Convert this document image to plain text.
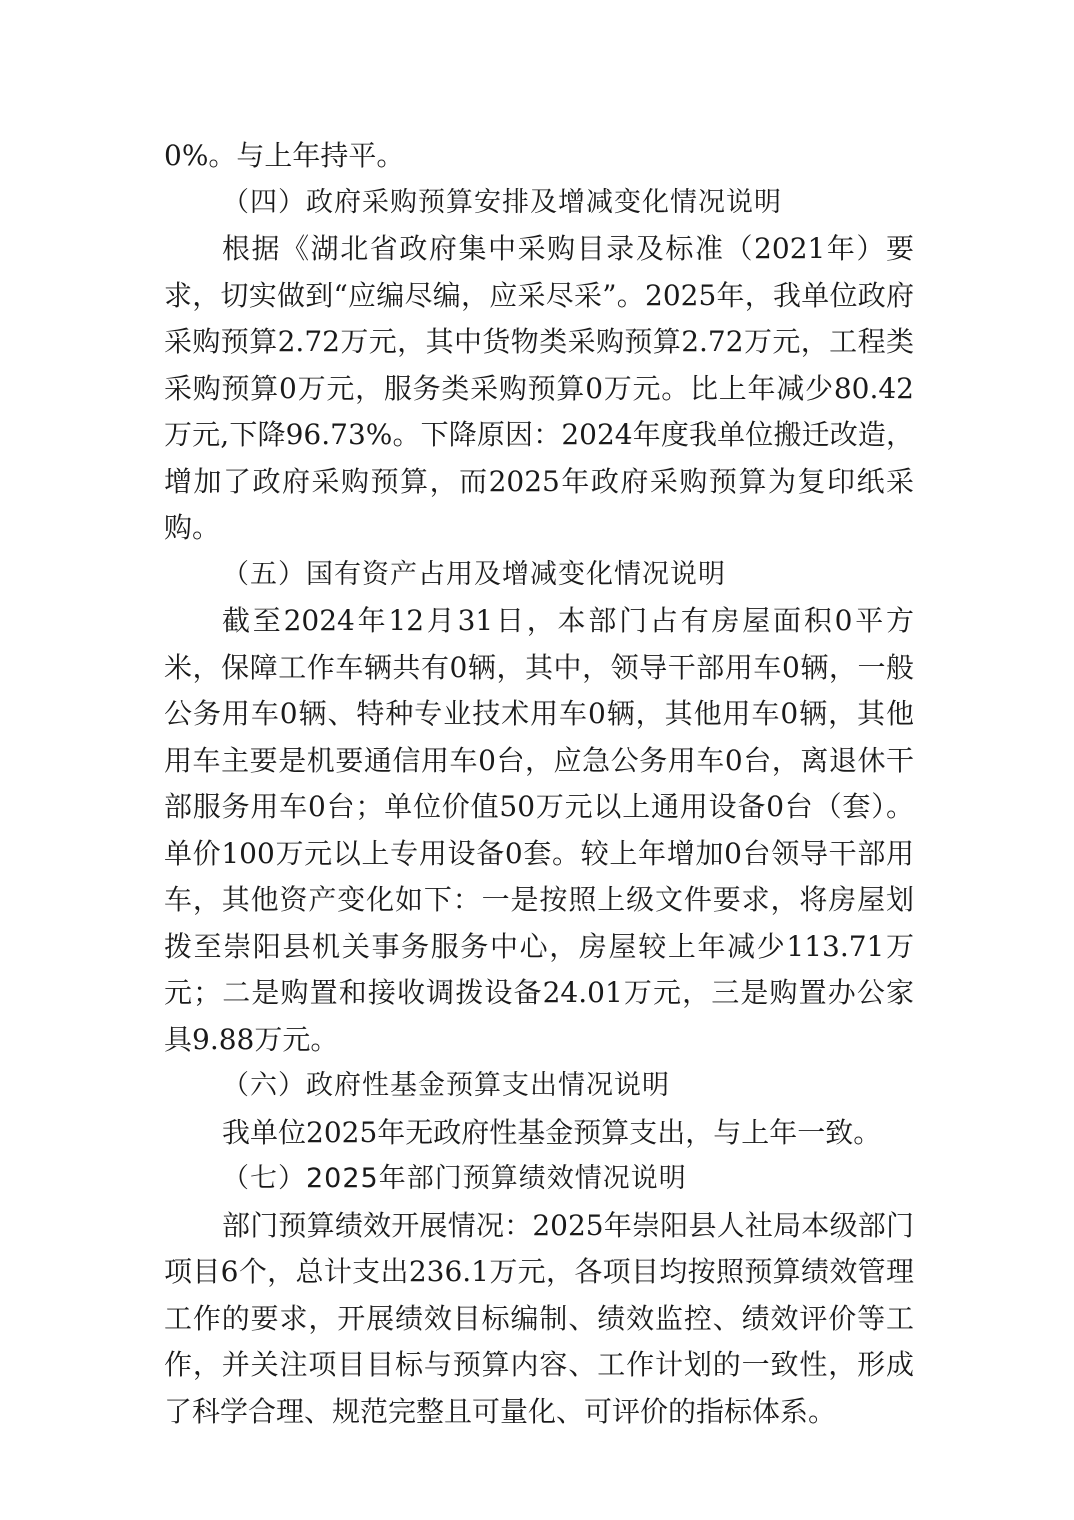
0%。与上年持平。

（四）政府采购预算安排及增减变化情况说明

根据《湖北省政府集中采购目录及标准（2021年）要求，切实做到“应编尽编，应采尽采”。2025年，我单位政府采购预算2.72万元，其中货物类采购预算2.72万元，工程类采购预算0万元，服务类采购预算0万元。比上年减少80.42万元,下降96.73%。下降原因：2024年度我单位搬迁改造，增加了政府采购预算，而2025年政府采购预算为复印纸采购。

（五）国有资产占用及增减变化情况说明

截至2024年12月31日，本部门占有房屋面积0平方米，保障工作车辆共有0辆，其中，领导干部用车0辆，一般公务用车0辆、特种专业技术用车0辆，其他用车0辆，其他用车主要是机要通信用车0台，应急公务用车0台，离退休干部服务用车0台；单位价值50万元以上通用设备0台（套）。单价100万元以上专用设备0套。较上年增加0台领导干部用车，其他资产变化如下：一是按照上级文件要求，将房屋划拨至崇阳县机关事务服务中心，房屋较上年减少113.71万元；二是购置和接收调拨设备24.01万元，三是购置办公家具9.88万元。

（六）政府性基金预算支出情况说明

我单位2025年无政府性基金预算支出，与上年一致。

（七）2025年部门预算绩效情况说明

部门预算绩效开展情况：2025年崇阳县人社局本级部门项目6个，总计支出236.1万元，各项目均按照预算绩效管理工作的要求，开展绩效目标编制、绩效监控、绩效评价等工作，并关注项目目标与预算内容、工作计划的一致性，形成了科学合理、规范完整且可量化、可评价的指标体系。
